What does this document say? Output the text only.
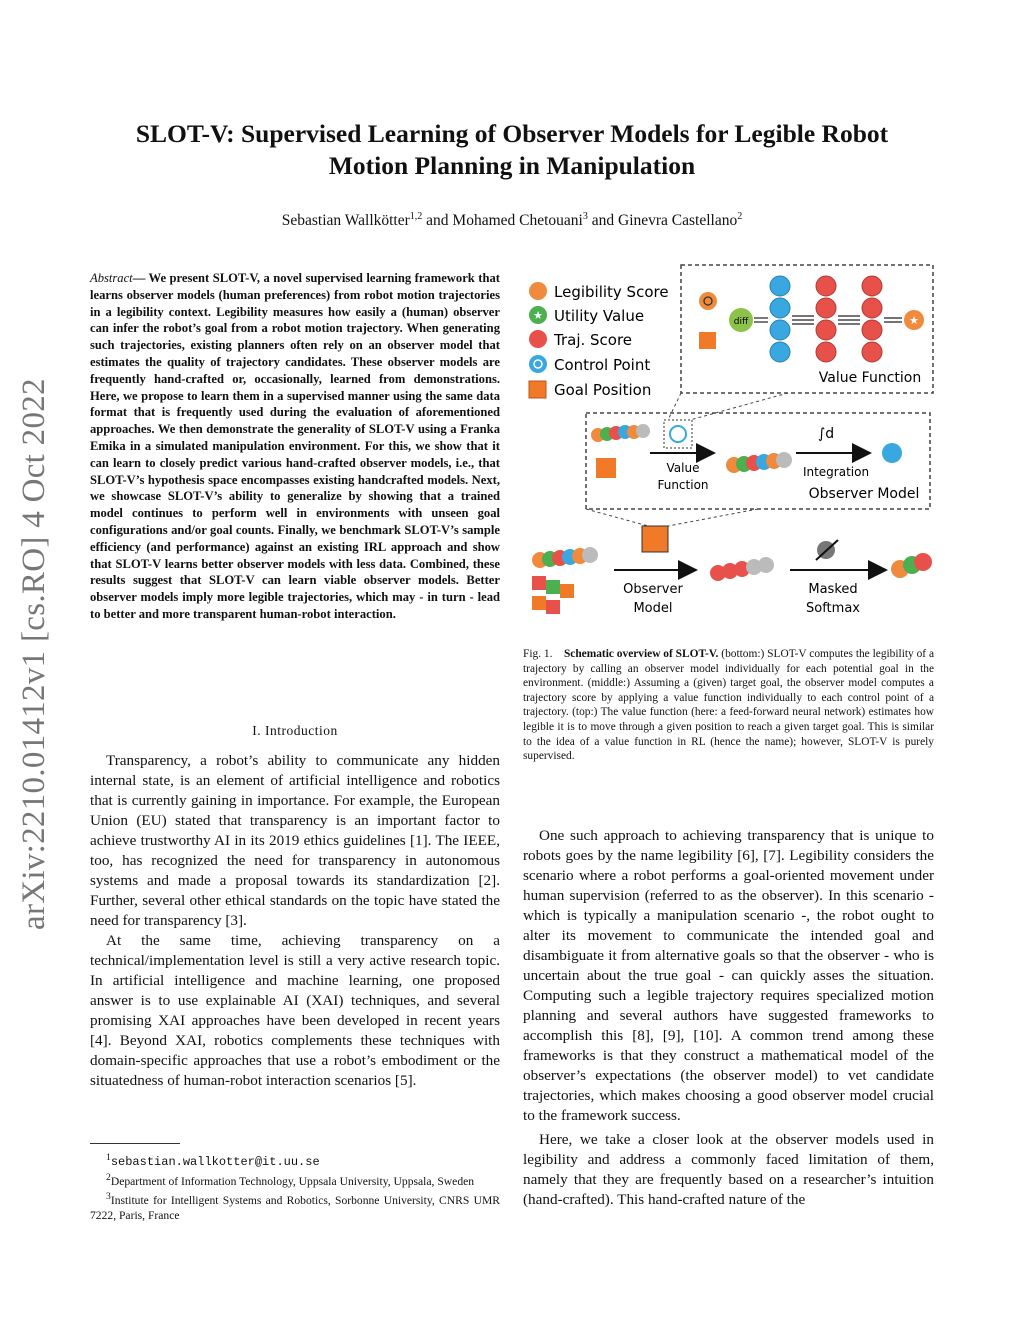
arXiv:2210.01412v1 [cs.RO] 4 Oct 2022
SLOT-V: Supervised Learning of Observer Models for Legible Robot
Motion Planning in Manipulation
Sebastian Wallkötter$^{1,2}$ and Mohamed Chetouani$^3$ and Ginevra Castellano$^2$
Abstract— We present SLOT-V, a novel supervised learning framework that learns observer models (human preferences) from robot motion trajectories in a legibility context. Legibility measures how easily a (human) observer can infer the robot’s goal from a robot motion trajectory. When generating such trajectories, existing planners often rely on an observer model that estimates the quality of trajectory candidates. These observer models are frequently hand-crafted or, occasionally, learned from demonstrations. Here, we propose to learn them in a supervised manner using the same data format that is frequently used during the evaluation of aforementioned approaches. We then demonstrate the generality of SLOT-V using a Franka Emika in a simulated manipulation environment. For this, we show that it can learn to closely predict various hand-crafted observer models, i.e., that SLOT-V’s hypothesis space encompasses existing handcrafted models. Next, we showcase SLOT-V’s ability to generalize by showing that a trained model continues to perform well in environments with unseen goal configurations and/or goal counts. Finally, we benchmark SLOT-V’s sample efficiency (and performance) against an existing IRL approach and show that SLOT-V learns better observer models with less data. Combined, these results suggest that SLOT-V can learn viable observer models. Better observer models imply more legible trajectories, which may - in turn - lead to better and more transparent human-robot interaction.
I. Introduction

Transparency, a robot’s ability to communicate any hidden internal state, is an element of artificial intelligence and robotics that is currently gaining in importance. For example, the European Union (EU) stated that transparency is an important factor to achieve trustworthy AI in its 2019 ethics guidelines [1]. The IEEE, too, has recognized the need for transparency in autonomous systems and made a proposal towards its standardization [2]. Further, several other ethical standards on the topic have stated the need for transparency [3].

At the same time, achieving transparency on a technical/implementation level is still a very active research topic. In artificial intelligence and machine learning, one proposed answer is to use explainable AI (XAI) techniques, and several promising XAI approaches have been developed in recent years [4]. Beyond XAI, robotics complements these techniques with domain-specific approaches that use a robot’s embodiment or the situatedness of human-robot interaction scenarios [5].

$^1$sebastian.wallkotter@it.uu.se
$^2$Department of Information Technology, Uppsala University, Uppsala, Sweden
$^3$Institute for Intelligent Systems and Robotics, Sorbonne University, CNRS UMR 7222, Paris, France
Legibility Score
★ Utility Value
Traj. Score
Control Point
Goal Position
diff	★
Value Function
Value
Function
∫d
Integration
Observer Model
Observer
Model
Masked
Softmax
Fig. 1. Schematic overview of SLOT-V. (bottom:) SLOT-V computes the legibility of a trajectory by calling an observer model individually for each potential goal in the environment. (middle:) Assuming a (given) target goal, the observer model computes a trajectory score by applying a value function individually to each control point of a trajectory. (top:) The value function (here: a feed-forward neural network) estimates how legible it is to move through a given position to reach a given target goal. This is similar to the idea of a value function in RL (hence the name); however, SLOT-V is purely supervised.

One such approach to achieving transparency that is unique to robots goes by the name legibility [6], [7]. Legibility considers the scenario where a robot performs a goal-oriented movement under human supervision (referred to as the observer). In this scenario - which is typically a manipulation scenario -, the robot ought to alter its movement to communicate the intended goal and disambiguate it from alternative goals so that the observer - who is uncertain about the true goal - can quickly asses the situation. Computing such a legible trajectory requires specialized motion planning and several authors have suggested frameworks to accomplish this [8], [9], [10]. A common trend among these frameworks is that they construct a mathematical model of the observer’s expectations (the observer model) to vet candidate trajectories, which makes choosing a good observer model crucial to the framework success.

Here, we take a closer look at the observer models used in legibility and address a commonly faced limitation of them, namely that they are frequently based on a researcher’s intuition (hand-crafted). This hand-crafted nature of the
